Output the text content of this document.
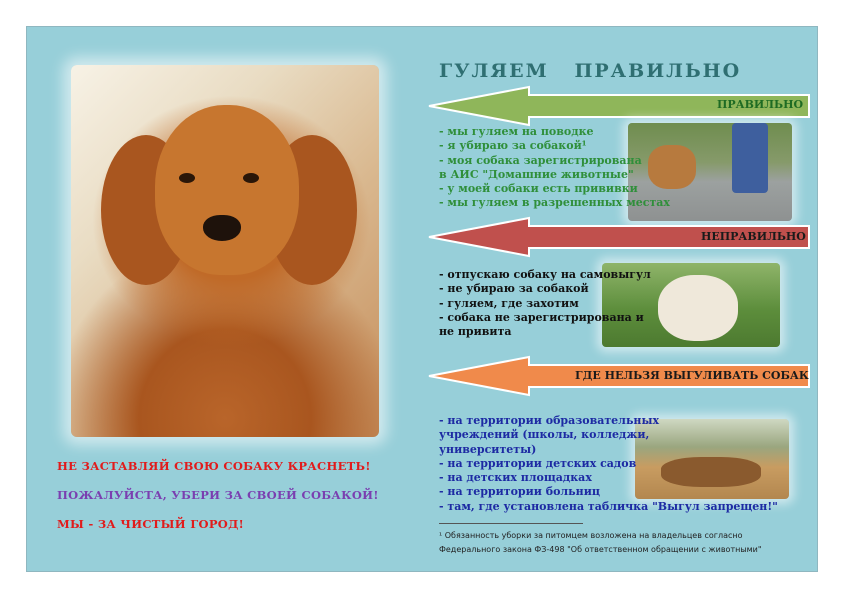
ГУЛЯЕМ   ПРАВИЛЬНО
ПРАВИЛЬНО
- мы гуляем на поводке
- я убираю за собакой¹
- моя собака зарегистрирована
в АИС "Домашние животные"
- у моей собаки есть прививки
- мы гуляем в разрешенных местах
НЕПРАВИЛЬНО
- отпускаю собаку на самовыгул
- не убираю за собакой
- гуляем, где захотим
- собака не зарегистрирована и
не привита
ГДЕ НЕЛЬЗЯ ВЫГУЛИВАТЬ СОБАК
- на территории образовательных
учреждений (школы, колледжи,
университеты)
- на территории детских садов
- на детских площадках
- на территории больниц
- там, где установлена табличка "Выгул запрещен!"
НЕ ЗАСТАВЛЯЙ СВОЮ СОБАКУ КРАСНЕТЬ!
ПОЖАЛУЙСТА, УБЕРИ ЗА СВОЕЙ СОБАКОЙ!
МЫ - ЗА ЧИСТЫЙ ГОРОД!
¹ Обязанность уборки за питомцем возложена на владельцев согласно
Федерального закона ФЗ-498 "Об ответственном обращении с животными"
